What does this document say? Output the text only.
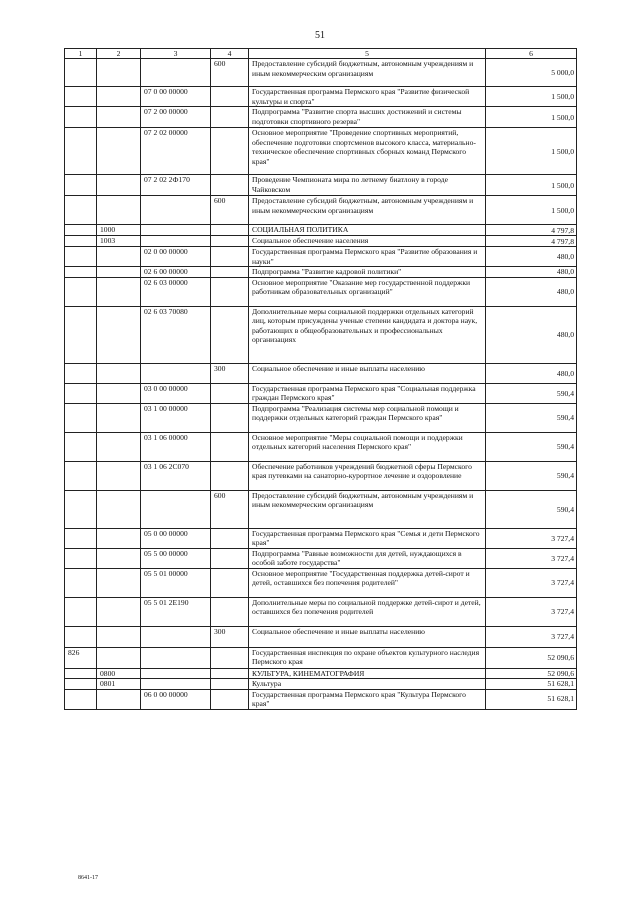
51
1	2	3	4	5	6
			600	Предоставление субсидий бюджетным, автономным учреждениям и иным некоммерческим организациям	5 000,0
		07 0 00 00000		Государственная программа Пермского края "Развитие физической культуры и спорта"	1 500,0
		07 2 00 00000		Подпрограмма "Развитие спорта высших достижений и системы подготовки спортивного резерва"	1 500,0
		07 2 02 00000		Основное мероприятие "Проведение спортивных мероприятий, обеспечение подготовки спортсменов высокого класса, материально-техническое обеспечение спортивных сборных команд Пермского края"	1 500,0
		07 2 02 2Ф170		Проведение Чемпионата мира по летнему биатлону в городе Чайковском	1 500,0
			600	Предоставление субсидий бюджетным, автономным учреждениям и иным некоммерческим организациям	1 500,0
	1000			СОЦИАЛЬНАЯ ПОЛИТИКА	4 797,8
	1003			Социальное обеспечение населения	4 797,8
		02 0 00 00000		Государственная программа Пермского края "Развитие образования и науки"	480,0
		02 6 00 00000		Подпрограмма "Развитие кадровой политики"	480,0
		02 6 03 00000		Основное мероприятие "Оказание мер государственной поддержки работникам образовательных организаций"	480,0
		02 6 03 70080		Дополнительные меры социальной поддержки отдельных категорий лиц, которым присуждены ученые степени кандидата и доктора наук, работающих в общеобразовательных и профессиональных организациях	480,0
			300	Социальное обеспечение и иные выплаты населению	480,0
		03 0 00 00000		Государственная программа Пермского края "Социальная поддержка граждан Пермского края"	590,4
		03 1 00 00000		Подпрограмма "Реализация системы мер социальной помощи и поддержки отдельных категорий граждан Пермского края"	590,4
		03 1 06 00000		Основное мероприятие "Меры социальной помощи и поддержки отдельных категорий населения Пермского края"	590,4
		03 1 06 2С070		Обеспечение работников учреждений бюджетной сферы Пермского края путевками на санаторно-курортное лечение и оздоровление	590,4
			600	Предоставление субсидий бюджетным, автономным учреждениям и иным некоммерческим организациям	590,4
		05 0 00 00000		Государственная программа Пермского края "Семья и дети Пермского края"	3 727,4
		05 5 00 00000		Подпрограмма "Равные возможности для детей, нуждающихся в особой заботе государства"	3 727,4
		05 5 01 00000		Основное мероприятие "Государственная поддержка детей-сирот и детей, оставшихся без попечения родителей"	3 727,4
		05 5 01 2Е190		Дополнительные меры по социальной поддержке детей-сирот и детей, оставшихся без попечения родителей	3 727,4
			300	Социальное обеспечение и иные выплаты населению	3 727,4
826				Государственная инспекция по охране объектов культурного наследия Пермского края	52 090,6
	0800			КУЛЬТУРА, КИНЕМАТОГРАФИЯ	52 090,6
	0801			Культура	51 628,1
		06 0 00 00000		Государственная программа Пермского края "Культура Пермского края"	51 628,1
8641-17
